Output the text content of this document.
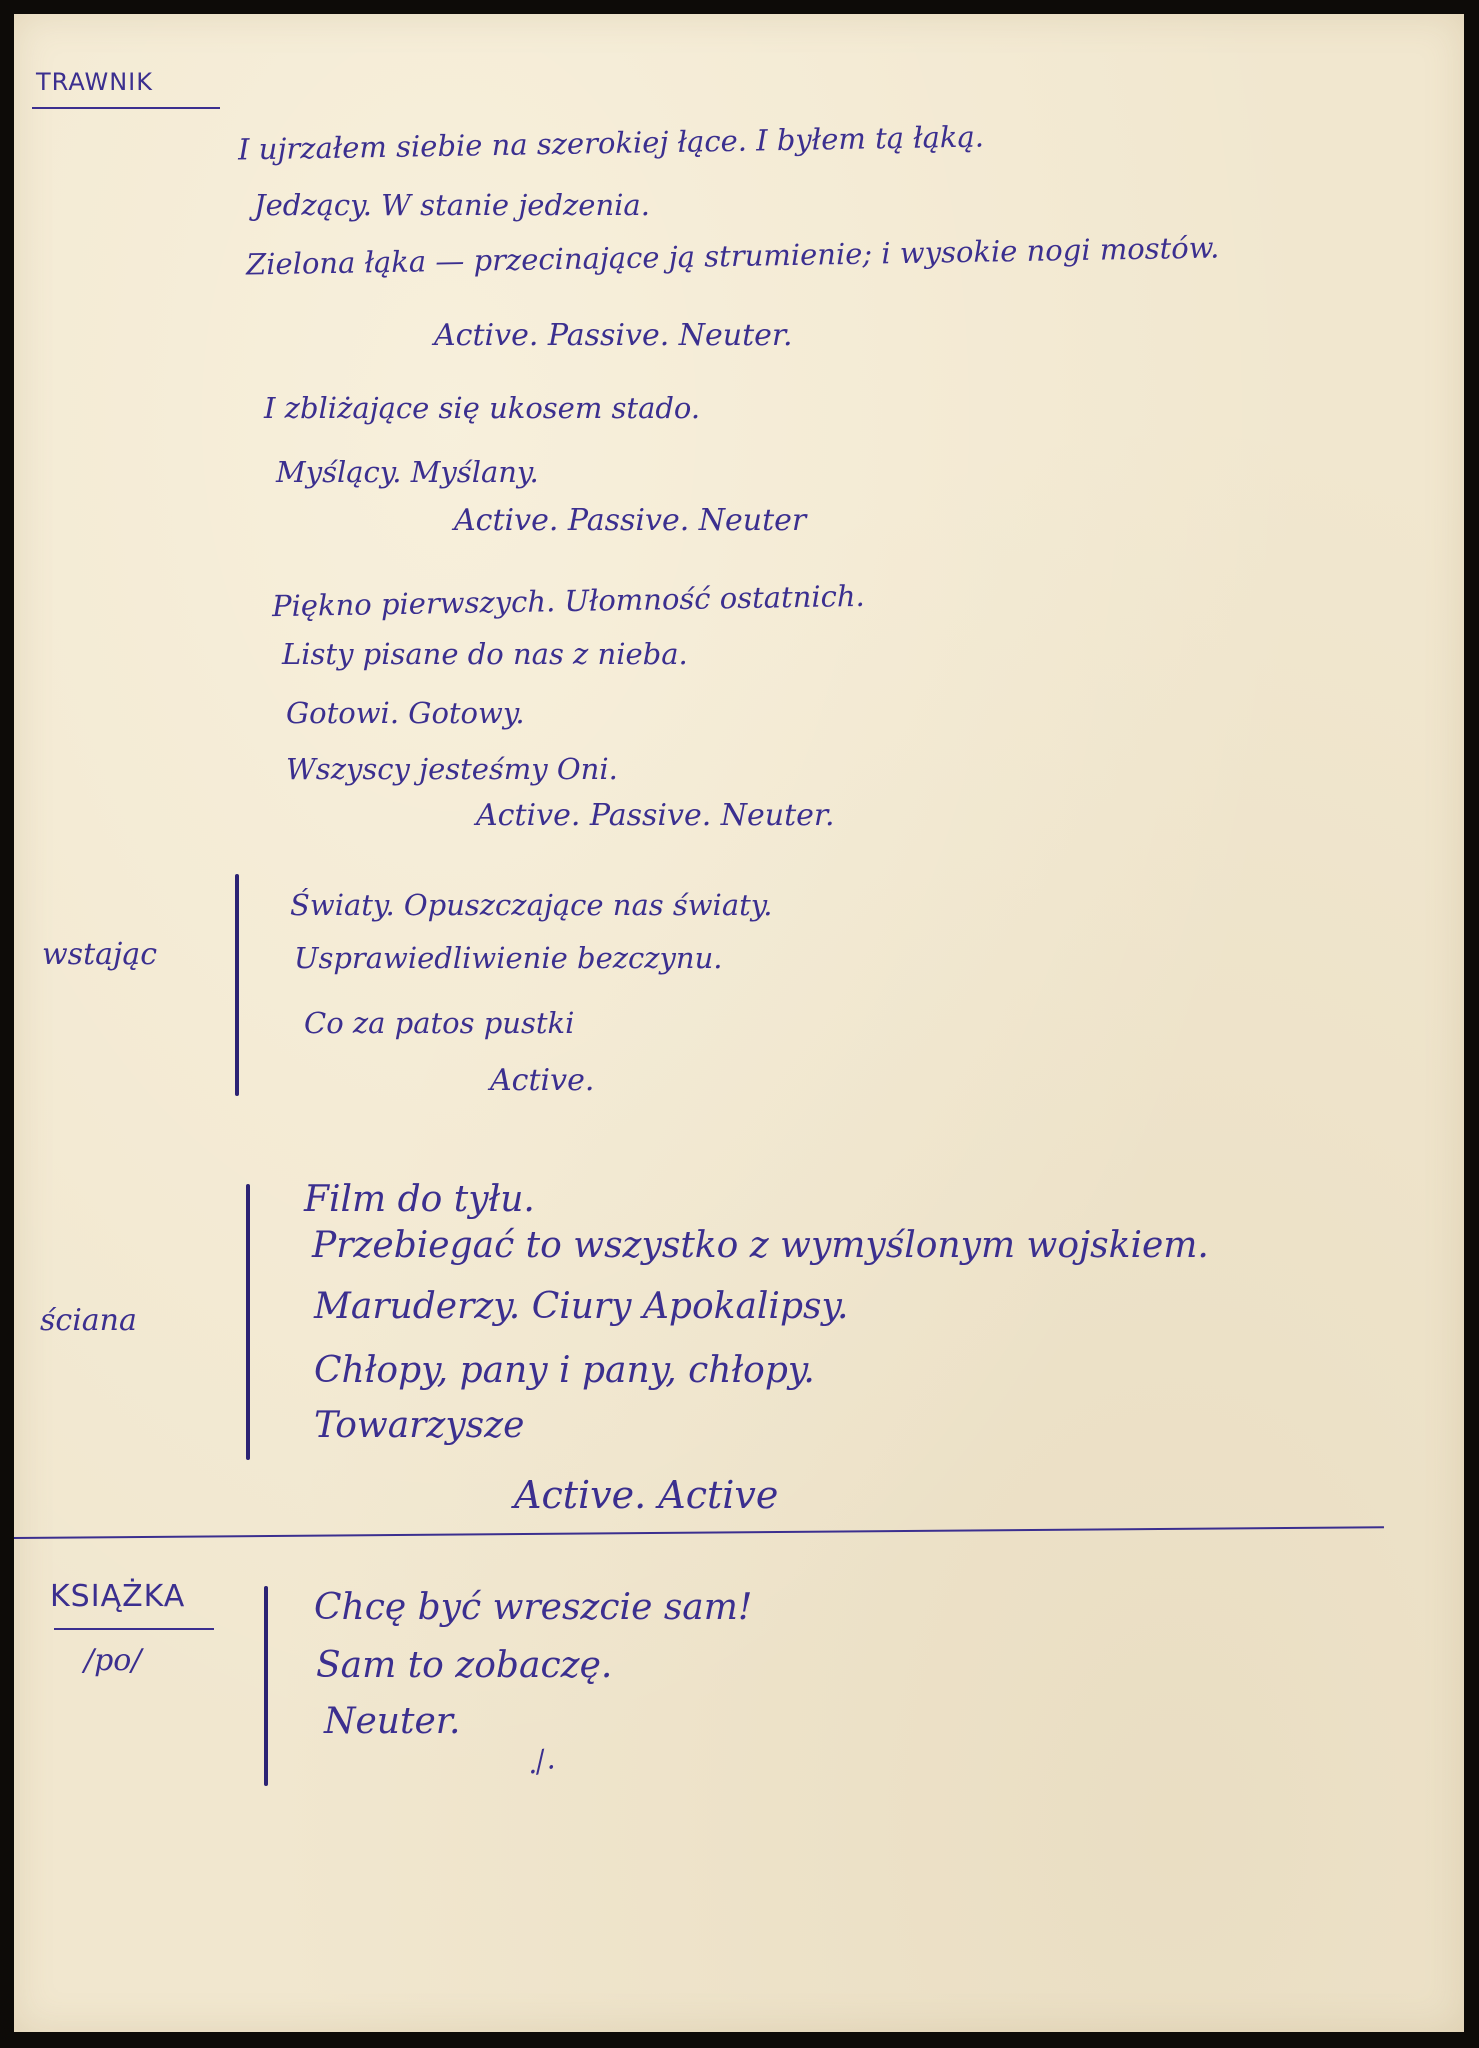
TRAWNIK
I ujrzałem siebie na szerokiej łące. I byłem tą łąką.
Jedzący. W stanie jedzenia.
Zielona łąka — przecinające ją strumienie; i wysokie nogi mostów.
Active. Passive. Neuter.
I zbliżające się ukosem stado.
Myślący. Myślany.
Active. Passive. Neuter
Piękno pierwszych. Ułomność ostatnich.
Listy pisane do nas z nieba.
Gotowi. Gotowy.
Wszyscy jesteśmy Oni.
Active. Passive. Neuter.
wstając
Światy. Opuszczające nas światy.
Usprawiedliwienie bezczynu.
Co za patos pustki
Active.
ściana
Film do tyłu.
Przebiegać to wszystko z wymyślonym wojskiem.
Maruderzy. Ciury Apokalipsy.
Chłopy, pany i pany, chłopy.
Towarzysze
Active. Active
KSIĄŻKA
/po/
Chcę być wreszcie sam!
Sam to zobaczę.
Neuter.
./.
